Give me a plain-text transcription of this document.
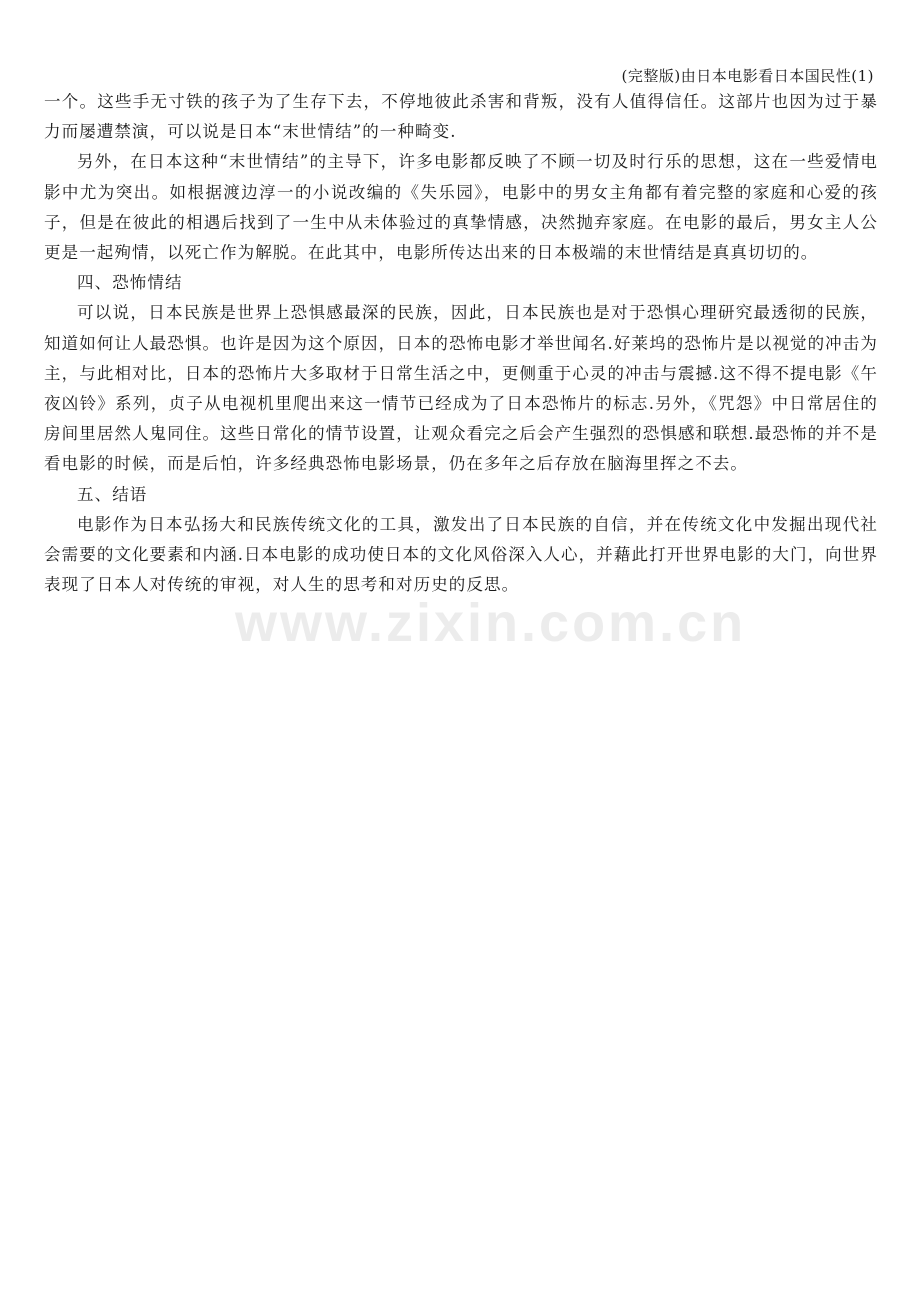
(完整版)由日本电影看日本国民性(1)

一个。这些手无寸铁的孩子为了生存下去，不停地彼此杀害和背叛，没有人值得信任。这部片也因为过于暴力而屡遭禁演，可以说是日本“末世情结”的一种畸变.

另外，在日本这种“末世情结”的主导下，许多电影都反映了不顾一切及时行乐的思想，这在一些爱情电影中尤为突出。如根据渡边淳一的小说改编的《失乐园》，电影中的男女主角都有着完整的家庭和心爱的孩子，但是在彼此的相遇后找到了一生中从未体验过的真挚情感，决然抛弃家庭。在电影的最后，男女主人公更是一起殉情，以死亡作为解脱。在此其中，电影所传达出来的日本极端的末世情结是真真切切的。

四、恐怖情结

可以说，日本民族是世界上恐惧感最深的民族，因此，日本民族也是对于恐惧心理研究最透彻的民族，知道如何让人最恐惧。也许是因为这个原因，日本的恐怖电影才举世闻名.好莱坞的恐怖片是以视觉的冲击为主，与此相对比，日本的恐怖片大多取材于日常生活之中，更侧重于心灵的冲击与震撼.这不得不提电影《午夜凶铃》系列，贞子从电视机里爬出来这一情节已经成为了日本恐怖片的标志.另外，《咒怨》中日常居住的房间里居然人鬼同住。这些日常化的情节设置，让观众看完之后会产生强烈的恐惧感和联想.最恐怖的并不是看电影的时候，而是后怕，许多经典恐怖电影场景，仍在多年之后存放在脑海里挥之不去。

五、结语

电影作为日本弘扬大和民族传统文化的工具，激发出了日本民族的自信，并在传统文化中发掘出现代社会需要的文化要素和内涵.日本电影的成功使日本的文化风俗深入人心，并藉此打开世界电影的大门，向世界表现了日本人对传统的审视，对人生的思考和对历史的反思。

www.zixin.com.cn
